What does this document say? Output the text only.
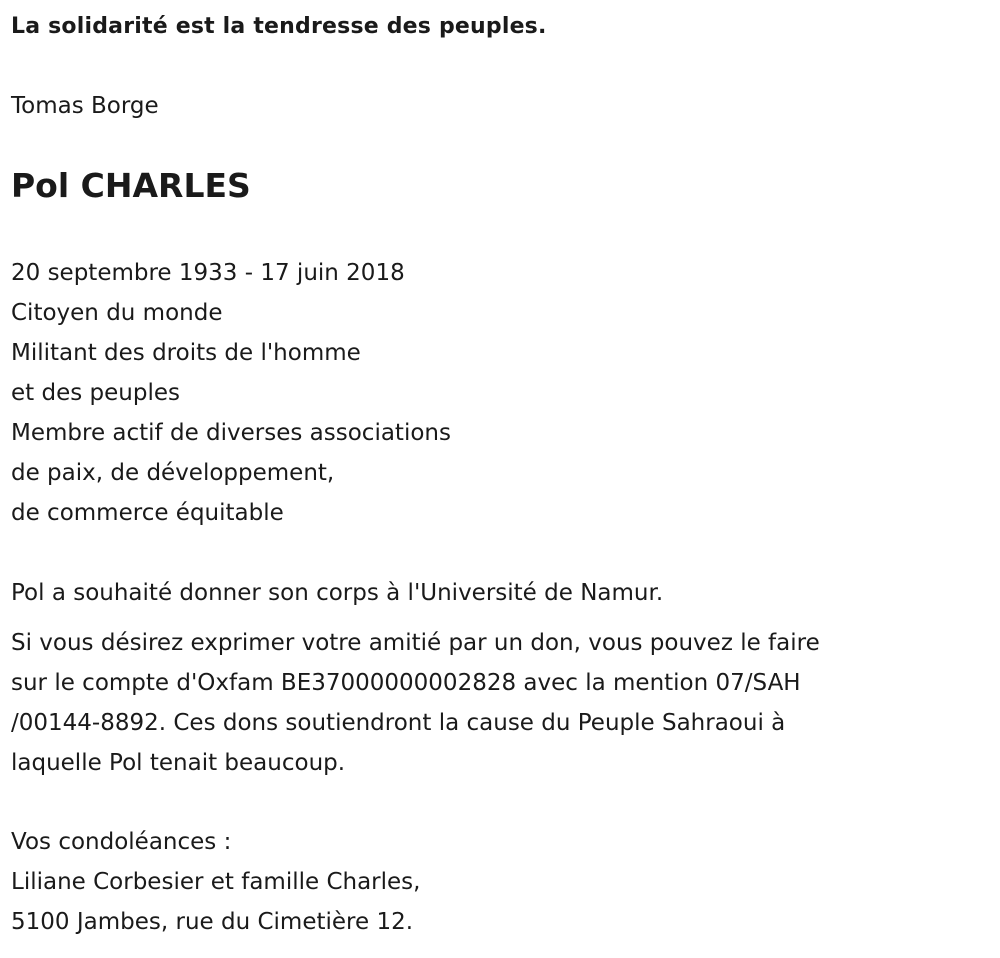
La solidarité est la tendresse des peuples.
Tomas Borge
Pol CHARLES
20 septembre 1933 - 17 juin 2018
Citoyen du monde
Militant des droits de l'homme
et des peuples
Membre actif de diverses associations
de paix, de développement,
de commerce équitable
Pol a souhaité donner son corps à l'Université de Namur.
Si vous désirez exprimer votre amitié par un don, vous pouvez le faire
sur le compte d'Oxfam BE37000000002828 avec la mention 07/SAH
/00144-8892. Ces dons soutiendront la cause du Peuple Sahraoui à
laquelle Pol tenait beaucoup.
Vos condoléances :
Liliane Corbesier et famille Charles,
5100 Jambes, rue du Cimetière 12.
